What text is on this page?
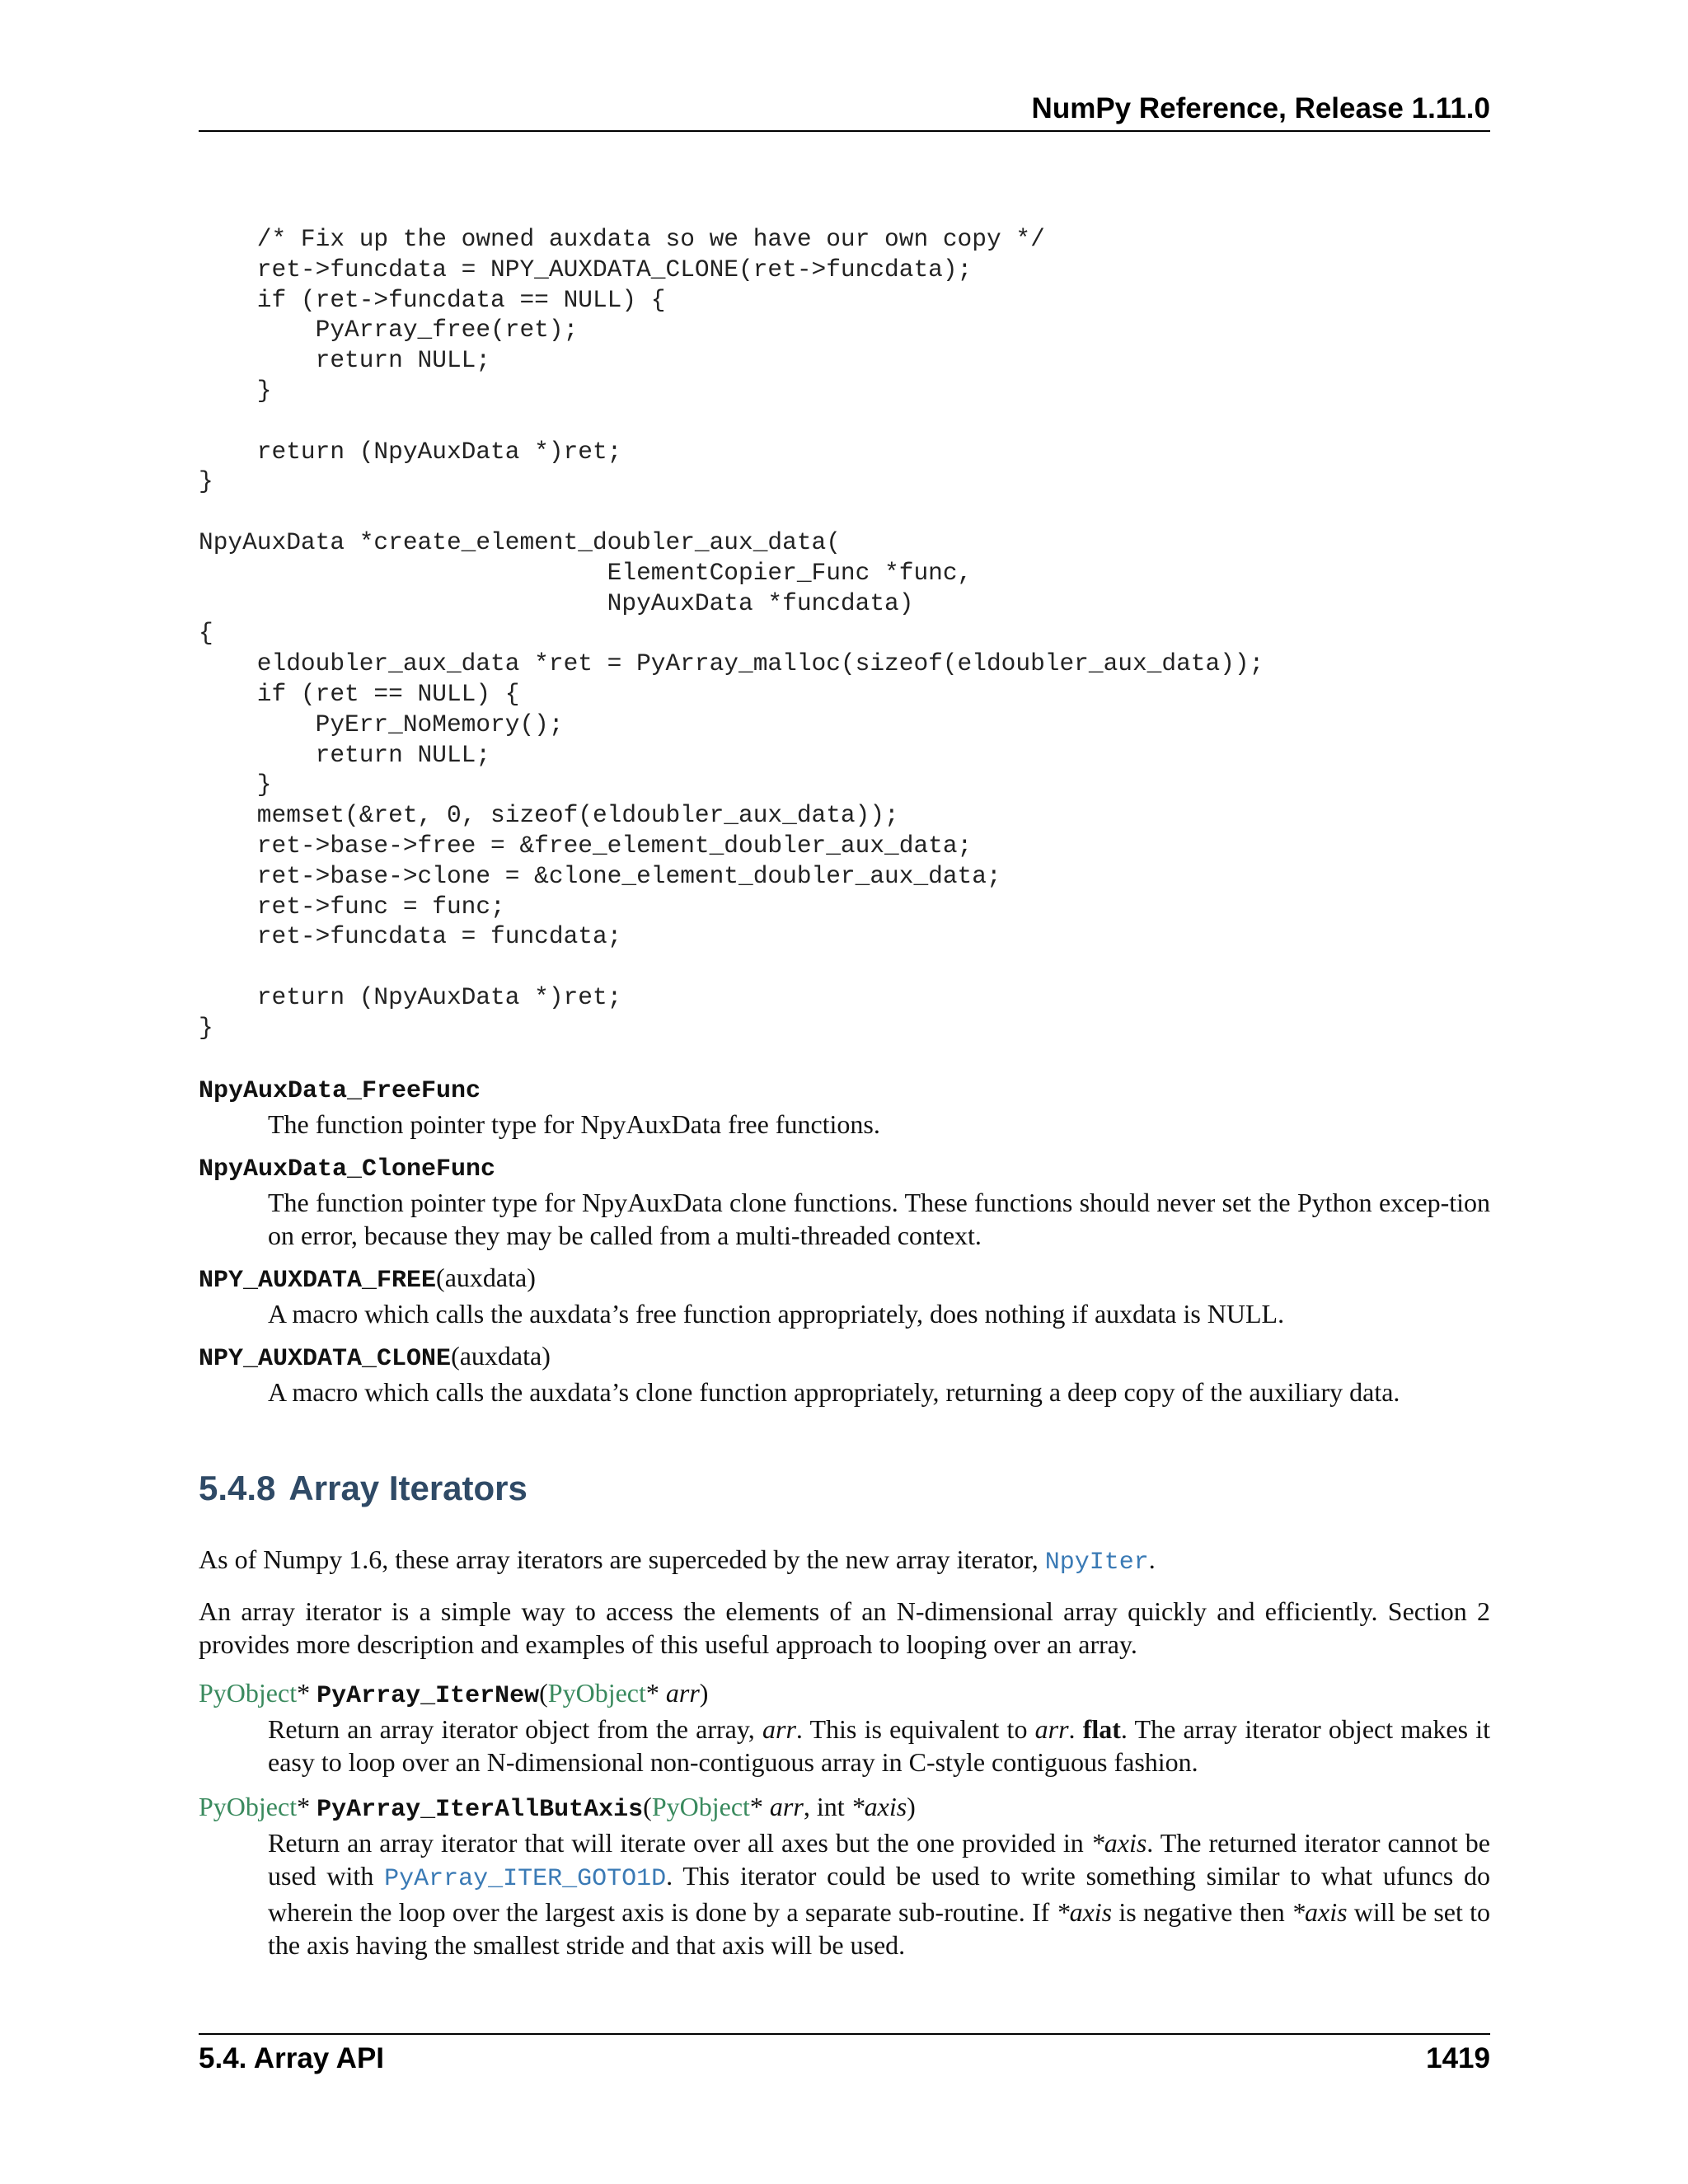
NumPy Reference, Release 1.11.0
/* Fix up the owned auxdata so we have our own copy */
ret->funcdata = NPY_AUXDATA_CLONE(ret->funcdata);
if (ret->funcdata == NULL) {
PyArray_free(ret);
return NULL;
}
return (NpyAuxData *)ret;
}
NpyAuxData *create_element_doubler_aux_data(
ElementCopier_Func *func,
NpyAuxData *funcdata)
{
eldoubler_aux_data *ret = PyArray_malloc(sizeof(eldoubler_aux_data));
if (ret == NULL) {
PyErr_NoMemory();
return NULL;
}
memset(&ret, 0, sizeof(eldoubler_aux_data));
ret->base->free = &free_element_doubler_aux_data;
ret->base->clone = &clone_element_doubler_aux_data;
ret->func = func;
ret->funcdata = funcdata;
return (NpyAuxData *)ret;
}
NpyAuxData_FreeFunc
The function pointer type for NpyAuxData free functions.
NpyAuxData_CloneFunc
The function pointer type for NpyAuxData clone functions. These functions should never set the Python excep-tion on error, because they may be called from a multi-threaded context.
NPY_AUXDATA_FREE(auxdata)
A macro which calls the auxdata’s free function appropriately, does nothing if auxdata is NULL.
NPY_AUXDATA_CLONE(auxdata)
A macro which calls the auxdata’s clone function appropriately, returning a deep copy of the auxiliary data.
5.4.8 Array Iterators
As of Numpy 1.6, these array iterators are superceded by the new array iterator, NpyIter.
An array iterator is a simple way to access the elements of an N-dimensional array quickly and efficiently. Section 2 provides more description and examples of this useful approach to looping over an array.
PyObject* PyArray_IterNew(PyObject* arr)
Return an array iterator object from the array, arr. This is equivalent to arr. flat. The array iterator object makes it easy to loop over an N-dimensional non-contiguous array in C-style contiguous fashion.
PyObject* PyArray_IterAllButAxis(PyObject* arr, int *axis)
Return an array iterator that will iterate over all axes but the one provided in *axis. The returned iterator cannot be used with PyArray_ITER_GOTO1D. This iterator could be used to write something similar to what ufuncs do wherein the loop over the largest axis is done by a separate sub-routine. If *axis is negative then *axis will be set to the axis having the smallest stride and that axis will be used.
5.4. Array API	1419
